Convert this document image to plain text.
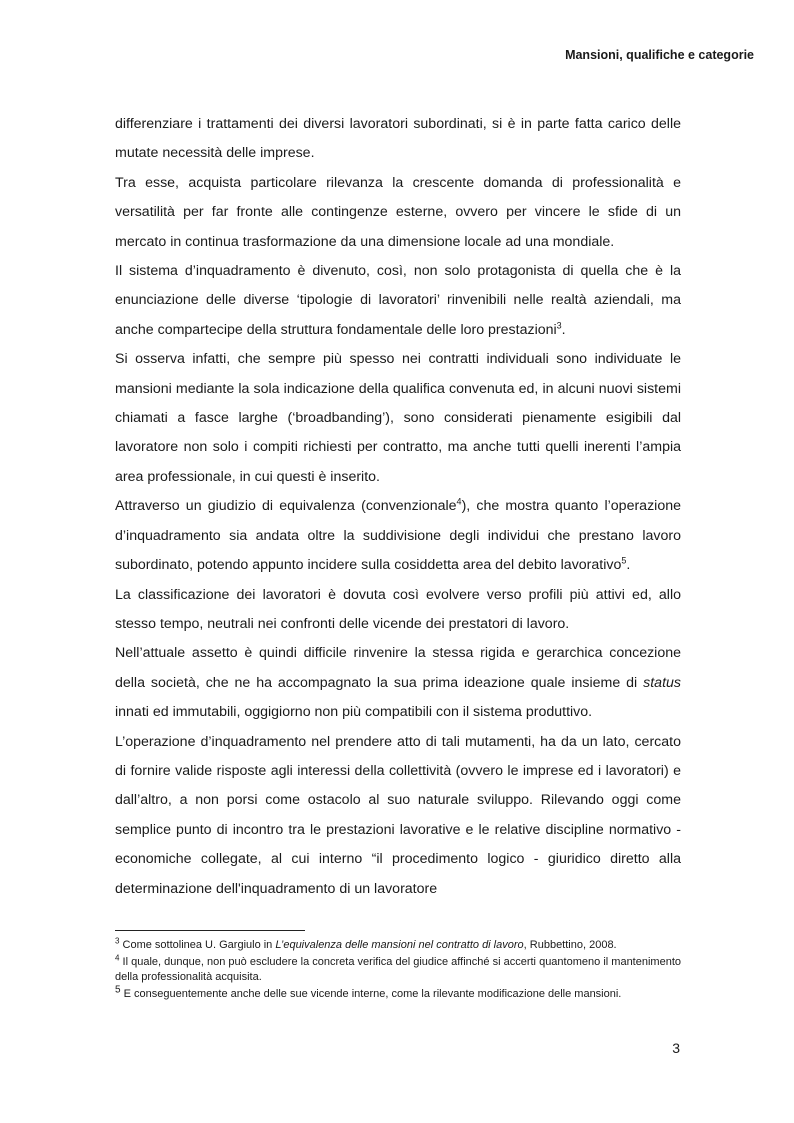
Mansioni, qualifiche e categorie

differenziare i trattamenti dei diversi lavoratori subordinati, si è in parte fatta carico delle mutate necessità delle imprese.

Tra esse, acquista particolare rilevanza la crescente domanda di professionalità e versatilità per far fronte alle contingenze esterne, ovvero per vincere le sfide di un mercato in continua trasformazione da una dimensione locale ad una mondiale.

Il sistema d’inquadramento è divenuto, così, non solo protagonista di quella che è la enunciazione delle diverse ‘tipologie di lavoratori’ rinvenibili nelle realtà aziendali, ma anche compartecipe della struttura fondamentale delle loro prestazioni$^3$.

Si osserva infatti, che sempre più spesso nei contratti individuali sono individuate le mansioni mediante la sola indicazione della qualifica convenuta ed, in alcuni nuovi sistemi chiamati a fasce larghe (‘broadbanding’), sono considerati pienamente esigibili dal lavoratore non solo i compiti richiesti per contratto, ma anche tutti quelli inerenti l’ampia area professionale, in cui questi è inserito.

Attraverso un giudizio di equivalenza (convenzionale$^4$), che mostra quanto l’operazione d’inquadramento sia andata oltre la suddivisione degli individui che prestano lavoro subordinato, potendo appunto incidere sulla cosiddetta area del debito lavorativo$^5$.

La classificazione dei lavoratori è dovuta così evolvere verso profili più attivi ed, allo stesso tempo, neutrali nei confronti delle vicende dei prestatori di lavoro.

Nell’attuale assetto è quindi difficile rinvenire la stessa rigida e gerarchica concezione della società, che ne ha accompagnato la sua prima ideazione quale insieme di status innati ed immutabili, oggigiorno non più compatibili con il sistema produttivo.

L’operazione d’inquadramento nel prendere atto di tali mutamenti, ha da un lato, cercato di fornire valide risposte agli interessi della collettività (ovvero le imprese ed i lavoratori) e dall’altro, a non porsi come ostacolo al suo naturale sviluppo. Rilevando oggi come semplice punto di incontro tra le prestazioni lavorative e le relative discipline normativo - economiche collegate, al cui interno “il procedimento logico - giuridico diretto alla determinazione dell'inquadramento di un lavoratore

$^3$ Come sottolinea U. Gargiulo in L’equivalenza delle mansioni nel contratto di lavoro, Rubbettino, 2008.

$^4$ Il quale, dunque, non può escludere la concreta verifica del giudice affinché si accerti quantomeno il mantenimento della professionalità acquisita.

$^5$ E conseguentemente anche delle sue vicende interne, come la rilevante modificazione delle mansioni.

3
